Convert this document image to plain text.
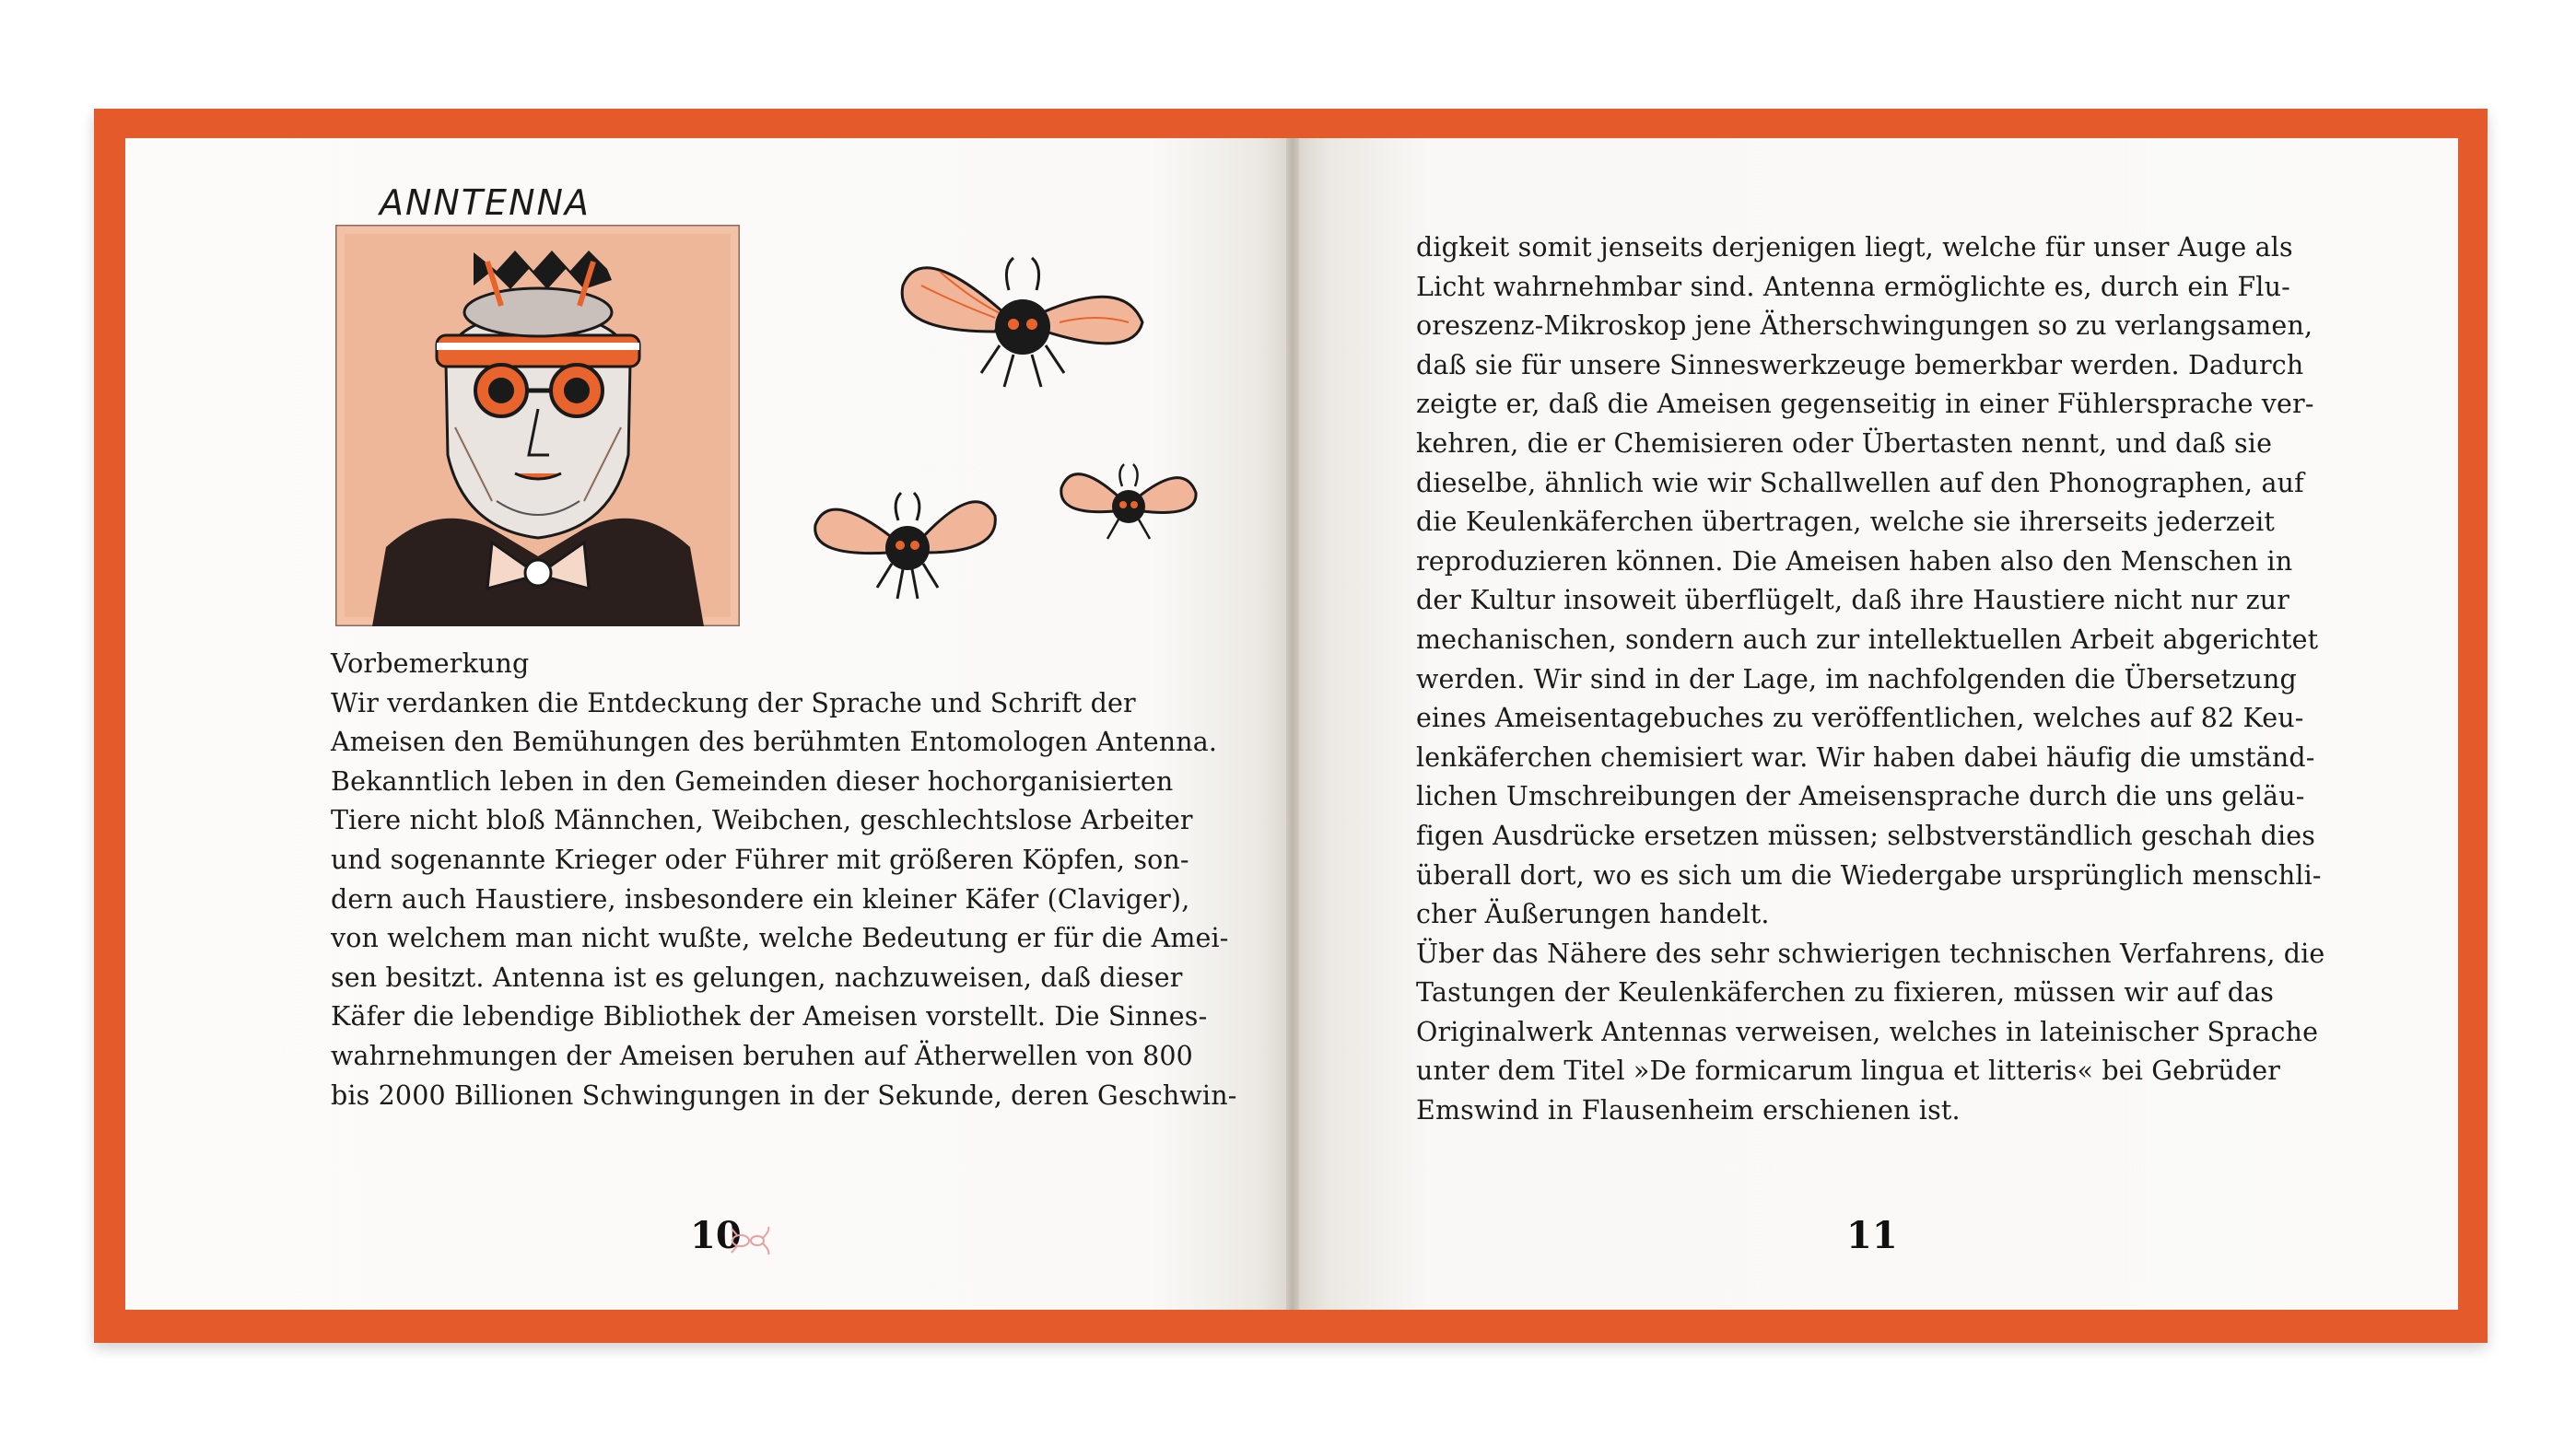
ANNTENNA
Vorbemerkung
Wir verdanken die Entdeckung der Sprache und Schrift der
Ameisen den Bemühungen des berühmten Entomologen Antenna.
Bekanntlich leben in den Gemeinden dieser hochorganisierten
Tiere nicht bloß Männchen, Weibchen, geschlechtslose Arbeiter
und sogenannte Krieger oder Führer mit größeren Köpfen, son-
dern auch Haustiere, insbesondere ein kleiner Käfer (Claviger),
von welchem man nicht wußte, welche Bedeutung er für die Amei-
sen besitzt. Antenna ist es gelungen, nachzuweisen, daß dieser
Käfer die lebendige Bibliothek der Ameisen vorstellt. Die Sinnes-
wahrnehmungen der Ameisen beruhen auf Ätherwellen von 800
bis 2000 Billionen Schwingungen in der Sekunde, deren Geschwin-
digkeit somit jenseits derjenigen liegt, welche für unser Auge als
Licht wahrnehmbar sind. Antenna ermöglichte es, durch ein Flu-
oreszenz-Mikroskop jene Ätherschwingungen so zu verlangsamen,
daß sie für unsere Sinneswerkzeuge bemerkbar werden. Dadurch
zeigte er, daß die Ameisen gegenseitig in einer Fühlersprache ver-
kehren, die er Chemisieren oder Übertasten nennt, und daß sie
dieselbe, ähnlich wie wir Schallwellen auf den Phonographen, auf
die Keulenkäferchen übertragen, welche sie ihrerseits jederzeit
reproduzieren können. Die Ameisen haben also den Menschen in
der Kultur insoweit überflügelt, daß ihre Haustiere nicht nur zur
mechanischen, sondern auch zur intellektuellen Arbeit abgerichtet
werden. Wir sind in der Lage, im nachfolgenden die Übersetzung
eines Ameisentagebuches zu veröffentlichen, welches auf 82 Keu-
lenkäferchen chemisiert war. Wir haben dabei häufig die umständ-
lichen Umschreibungen der Ameisensprache durch die uns geläu-
figen Ausdrücke ersetzen müssen; selbstverständlich geschah dies
überall dort, wo es sich um die Wiedergabe ursprünglich menschli-
cher Äußerungen handelt.
Über das Nähere des sehr schwierigen technischen Verfahrens, die
Tastungen der Keulenkäferchen zu fixieren, müssen wir auf das
Originalwerk Antennas verweisen, welches in lateinischer Sprache
unter dem Titel »De formicarum lingua et litteris« bei Gebrüder
Emswind in Flausenheim erschienen ist.
10	11
